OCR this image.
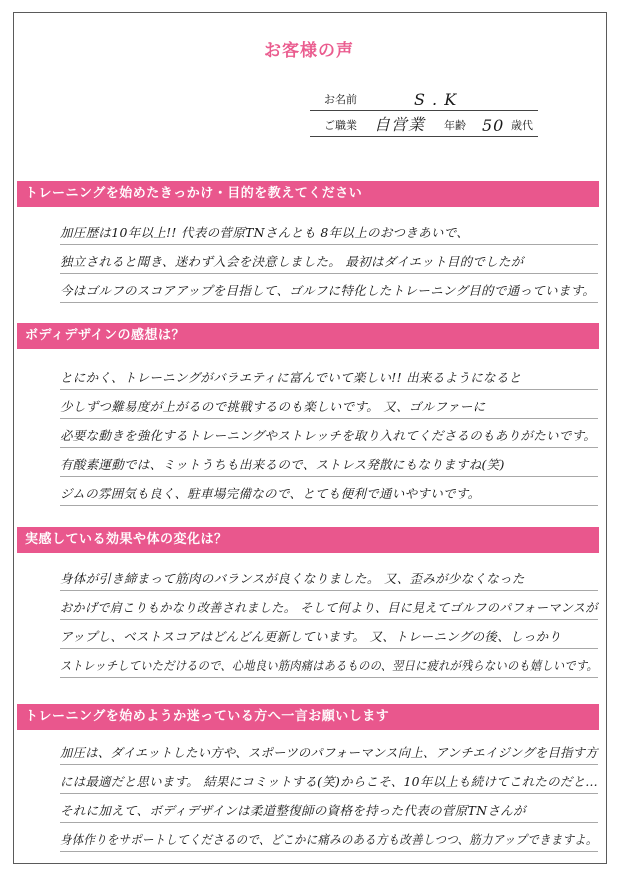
お客様の声
お名前	S . K
ご職業 自営業 年齢 50 歳代
トレーニングを始めたきっかけ・目的を教えてください
加圧歴は10年以上!! 代表の菅原TNさんとも 8年以上のおつきあいで、
独立されると聞き、迷わず入会を決意しました。 最初はダイエット目的でしたが
今はゴルフのスコアアップを目指して、ゴルフに特化したトレーニング目的で通っています。
ボディデザインの感想は？
とにかく、トレーニングがバラエティに富んでいて楽しい!! 出来るようになると
少しずつ難易度が上がるので挑戦するのも楽しいです。 又、ゴルファーに
必要な動きを強化するトレーニングやストレッチを取り入れてくださるのもありがたいです。
有酸素運動では、ミットうちも出来るので、ストレス発散にもなりますね(笑)
ジムの雰囲気も良く、駐車場完備なので、とても便利で通いやすいです。
実感している効果や体の変化は？
身体が引き締まって筋肉のバランスが良くなりました。 又、歪みが少なくなった
おかげで肩こりもかなり改善されました。 そして何より、目に見えてゴルフのパフォーマンスが
アップし、ベストスコアはどんどん更新しています。 又、トレーニングの後、しっかり
ストレッチしていただけるので、心地良い筋肉痛はあるものの、翌日に疲れが残らないのも嬉しいです。
トレーニングを始めようか迷っている方へ一言お願いします
加圧は、ダイエットしたい方や、スポーツのパフォーマンス向上、アンチエイジングを目指す方
には最適だと思います。 結果にコミットする(笑)からこそ、10年以上も続けてこれたのだと…
それに加えて、ボディデザインは柔道整復師の資格を持った代表の菅原TNさんが
身体作りをサポートしてくださるので、どこかに痛みのある方も改善しつつ、筋力アップできますよ。
